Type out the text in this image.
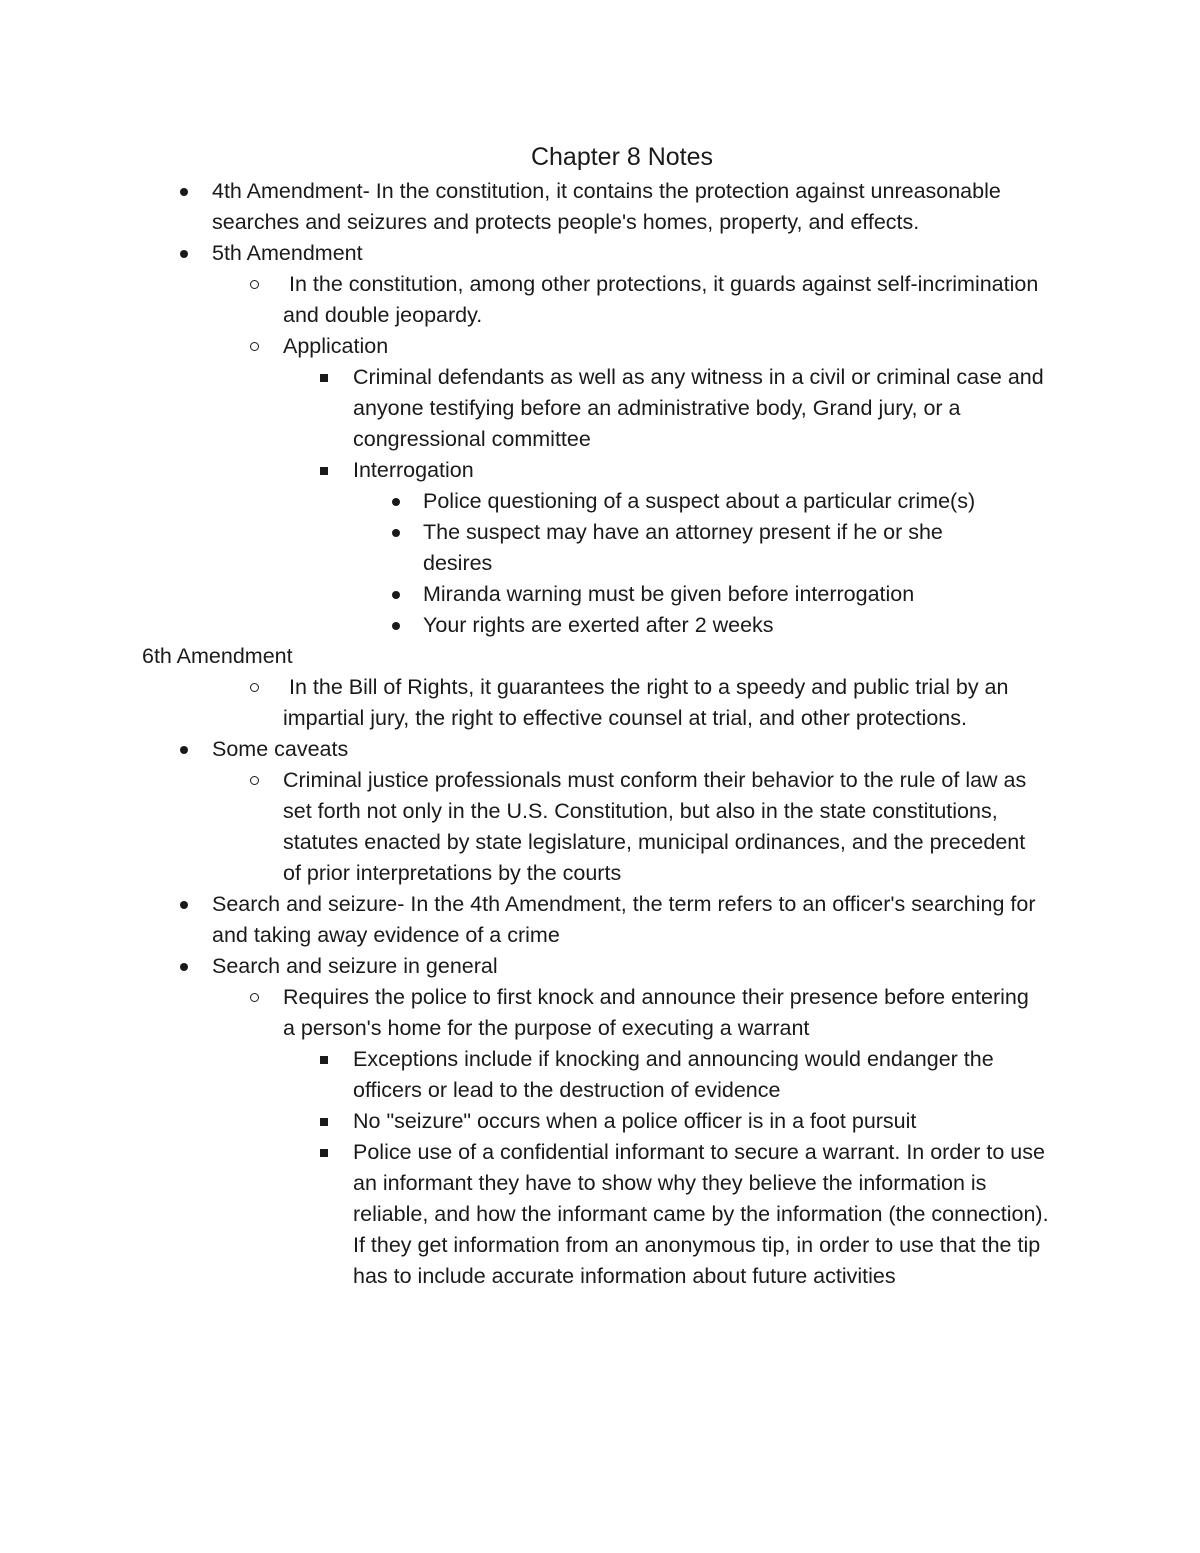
Chapter 8 Notes
4th Amendment- In the constitution, it contains the protection against unreasonable searches and seizures and protects people's homes, property, and effects.
5th Amendment
In the constitution, among other protections, it guards against self-incrimination and double jeopardy.
Application
Criminal defendants as well as any witness in a civil or criminal case and anyone testifying before an administrative body, Grand jury, or a congressional committee
Interrogation
Police questioning of a suspect about a particular crime(s)
The suspect may have an attorney present if he or she desires
Miranda warning must be given before interrogation
Your rights are exerted after 2 weeks
6th Amendment
In the Bill of Rights, it guarantees the right to a speedy and public trial by an impartial jury, the right to effective counsel at trial, and other protections.
Some caveats
Criminal justice professionals must conform their behavior to the rule of law as set forth not only in the U.S. Constitution, but also in the state constitutions, statutes enacted by state legislature, municipal ordinances, and the precedent of prior interpretations by the courts
Search and seizure- In the 4th Amendment, the term refers to an officer's searching for and taking away evidence of a crime
Search and seizure in general
Requires the police to first knock and announce their presence before entering a person's home for the purpose of executing a warrant
Exceptions include if knocking and announcing would endanger the officers or lead to the destruction of evidence
No "seizure" occurs when a police officer is in a foot pursuit
Police use of a confidential informant to secure a warrant. In order to use an informant they have to show why they believe the information is reliable, and how the informant came by the information (the connection). If they get information from an anonymous tip, in order to use that the tip has to include accurate information about future activities
